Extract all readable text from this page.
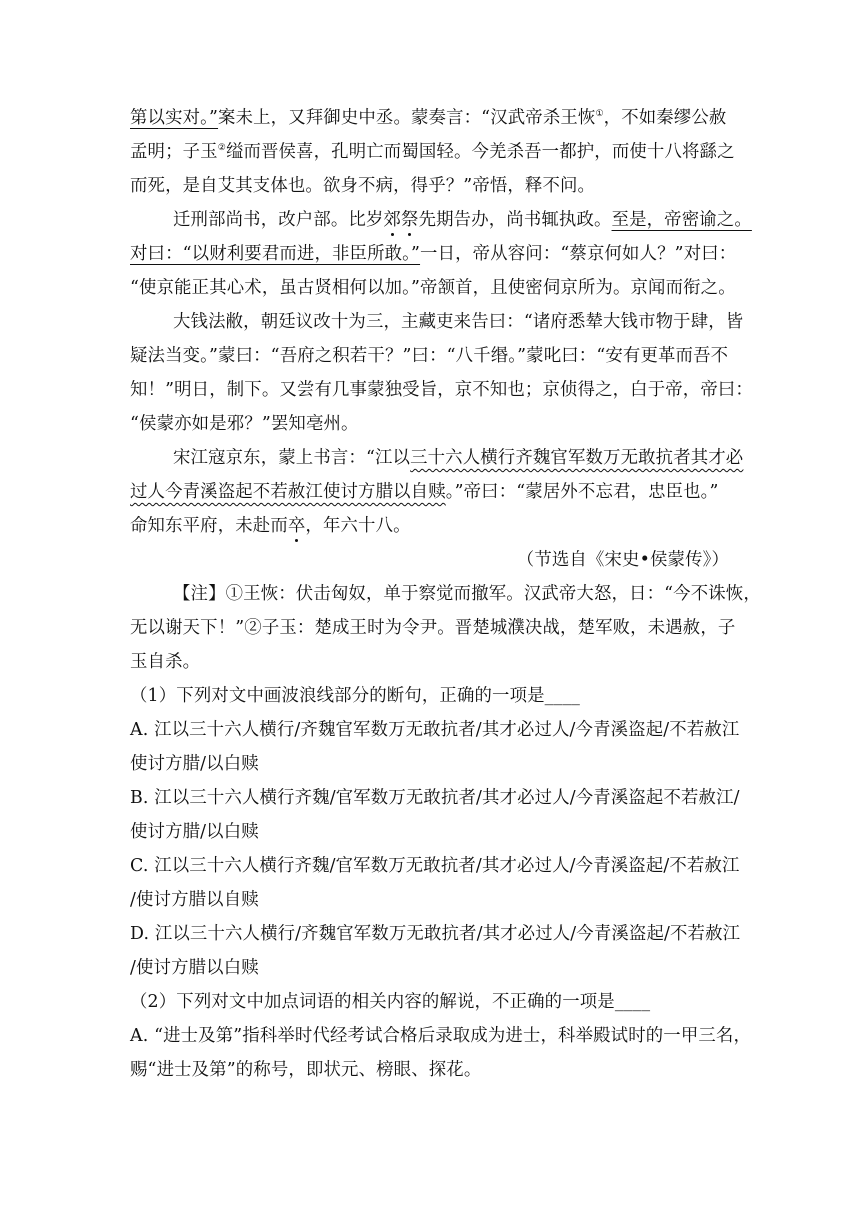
第以实对。”案未上，又拜御史中丞。蒙奏言：“汉武帝杀王恢①，不如秦缪公赦
孟明；子玉②缢而晋侯喜，孔明亡而蜀国轻。今羌杀吾一都护，而使十八将繇之
而死，是自艾其支体也。欲身不病，得乎？”帝悟，释不问。
迁刑部尚书，改户部。比岁郊祭先期告办，尚书辄执政。至是，帝密谕之。
对曰：“以财利要君而进，非臣所敢。”一日，帝从容问：“蔡京何如人？”对曰：
“使京能正其心术，虽古贤相何以加。”帝颔首，且使密伺京所为。京闻而衔之。
大钱法敝，朝廷议改十为三，主藏吏来告曰：“诸府悉辇大钱市物于肆，皆
疑法当变。”蒙曰：“吾府之积若干？”曰：“八千缗。”蒙叱曰：“安有更革而吾不
知！”明日，制下。又尝有几事蒙独受旨，京不知也；京侦得之，白于帝，帝曰：
“侯蒙亦如是邪？”罢知亳州。
宋江寇京东，蒙上书言：“江以三十六人横行齐魏官军数万无敢抗者其才必
过人今青溪盗起不若赦江使讨方腊以自赎。”帝曰：“蒙居外不忘君，忠臣也。”
命知东平府，未赴而卒，年六十八。
（节选自《宋史•侯蒙传》）
【注】①王恢：伏击匈奴，单于察觉而撤军。汉武帝大怒，日：“今不诛恢，
无以谢天下！”②子玉：楚成王时为令尹。晋楚城濮决战，楚军败，未遇赦，子
玉自杀。
（1）下列对文中画波浪线部分的断句，正确的一项是____
A. 江以三十六人横行/齐魏官军数万无敢抗者/其才必过人/今青溪盗起/不若赦江
使讨方腊/以白赎
B. 江以三十六人横行齐魏/官军数万无敢抗者/其才必过人/今青溪盗起不若赦江/
使讨方腊/以白赎
C. 江以三十六人横行齐魏/官军数万无敢抗者/其才必过人/今青溪盗起/不若赦江
/使讨方腊以自赎
D. 江以三十六人横行/齐魏官军数万无敢抗者/其才必过人/今青溪盗起/不若赦江
/使讨方腊以白赎
（2）下列对文中加点词语的相关内容的解说，不正确的一项是____
A. “进士及第”指科举时代经考试合格后录取成为进士，科举殿试时的一甲三名，
赐“进士及第”的称号，即状元、榜眼、探花。
